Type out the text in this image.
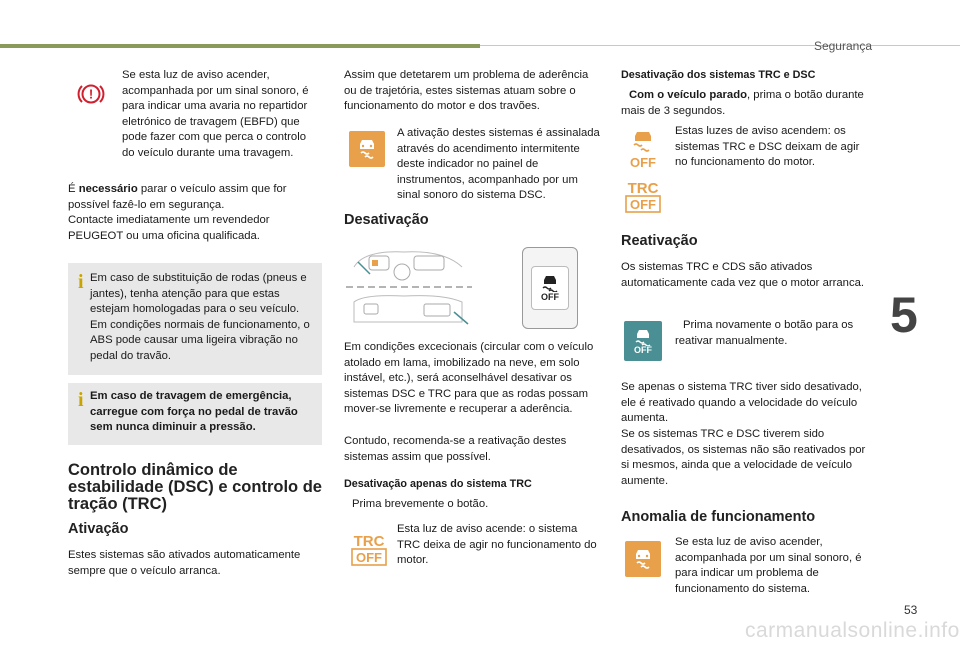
Segurança
5
53
carmanualsonline.info
!

Se esta luz de aviso acender, acompanhada por um sinal sonoro, é para indicar uma avaria no repartidor eletrónico de travagem (EBFD) que pode fazer com que perca o controlo do veículo durante uma travagem.

É necessário parar o veículo assim que for possível fazê-lo em segurança.

Contacte imediatamente um revendedor PEUGEOT ou uma oficina qualificada.

i Em caso de substituição de rodas (pneus e jantes), tenha atenção para que estas estejam homologadas para o seu veículo. Em condições normais de funcionamento, o ABS pode causar uma ligeira vibração no pedal do travão.

i Em caso de travagem de emergência, carregue com força no pedal de travão sem nunca diminuir a pressão.

Controlo dinâmico de estabilidade (DSC) e controlo de tração (TRC)
Ativação

Estes sistemas são ativados automaticamente sempre que o veículo arranca.

Assim que detetarem um problema de aderência ou de trajetória, estes sistemas atuam sobre o funcionamento do motor e dos travões.

A ativação destes sistemas é assinalada através do acendimento intermitente deste indicador no painel de instrumentos, acompanhado por um sinal sonoro do sistema DSC.

Desativação
OFF

Em condições excecionais (circular com o veículo atolado em lama, imobilizado na neve, em solo instável, etc.), será aconselhável desativar os sistemas DSC e TRC para que as rodas possam mover-se livremente e recuperar a aderência.

Contudo, recomenda-se a reativação destes sistemas assim que possível.

Desativação apenas do sistema TRC

Prima brevemente o botão.

TRC
OFF

Esta luz de aviso acende: o sistema TRC deixa de agir no funcionamento do motor.

Desativação dos sistemas TRC e DSC

Com o veículo parado, prima o botão durante mais de 3 segundos.

OFF
TRC
OFF

Estas luzes de aviso acendem: os sistemas TRC e DSC deixam de agir no funcionamento do motor.

Reativação

Os sistemas TRC e CDS são ativados automaticamente cada vez que o motor arranca.

OFF

Prima novamente o botão para os reativar manualmente.

Se apenas o sistema TRC tiver sido desativado, ele é reativado quando a velocidade do veículo aumenta.

Se os sistemas TRC e DSC tiverem sido desativados, os sistemas não são reativados por si mesmos, ainda que a velocidade de veículo aumente.

Anomalia de funcionamento

Se esta luz de aviso acender, acompanhada por um sinal sonoro, é para indicar um problema de funcionamento do sistema.
